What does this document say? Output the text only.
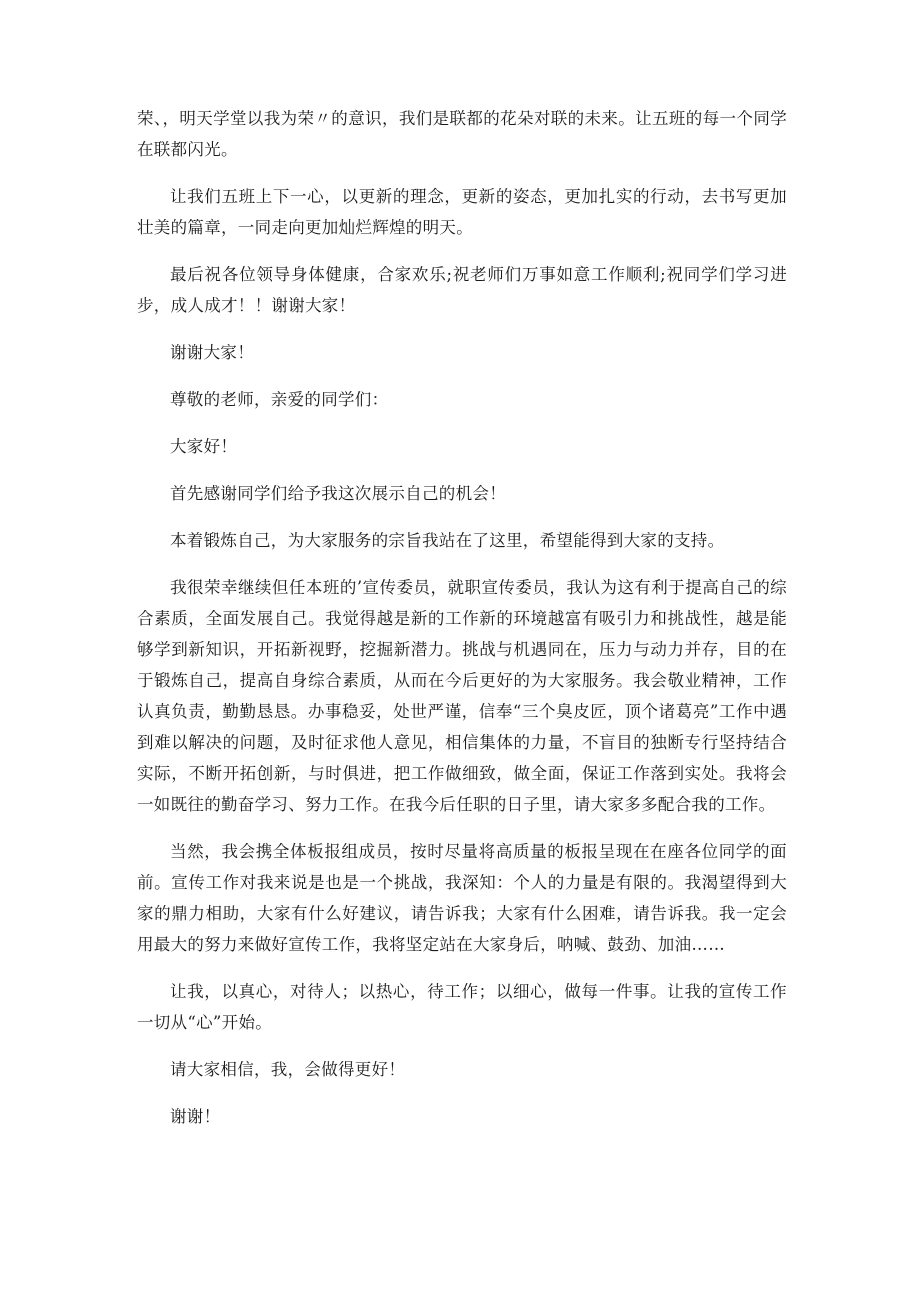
荣、，明天学堂以我为荣〃的意识，我们是联都的花朵对联的未来。让五班的每一个同学在联都闪光。

让我们五班上下一心，以更新的理念，更新的姿态，更加扎实的行动，去书写更加壮美的篇章，一同走向更加灿烂辉煌的明天。

最后祝各位领导身体健康，合家欢乐;祝老师们万事如意工作顺利;祝同学们学习进步，成人成才！！谢谢大家！

谢谢大家！

尊敬的老师，亲爱的同学们：

大家好！

首先感谢同学们给予我这次展示自己的机会！

本着锻炼自己，为大家服务的宗旨我站在了这里，希望能得到大家的支持。

我很荣幸继续但任本班的’宣传委员，就职宣传委员，我认为这有利于提高自己的综合素质，全面发展自己。我觉得越是新的工作新的环境越富有吸引力和挑战性，越是能够学到新知识，开拓新视野，挖掘新潜力。挑战与机遇同在，压力与动力并存，目的在于锻炼自己，提高自身综合素质，从而在今后更好的为大家服务。我会敬业精神，工作认真负责，勤勤恳恳。办事稳妥，处世严谨，信奉“三个臭皮匠，顶个诸葛亮”工作中遇到难以解决的问题，及时征求他人意见，相信集体的力量，不盲目的独断专行坚持结合实际，不断开拓创新，与时俱进，把工作做细致，做全面，保证工作落到实处。我将会一如既往的勤奋学习、努力工作。在我今后任职的日子里，请大家多多配合我的工作。

当然，我会携全体板报组成员，按时尽量将高质量的板报呈现在在座各位同学的面前。宣传工作对我来说是也是一个挑战，我深知：个人的力量是有限的。我渴望得到大家的鼎力相助，大家有什么好建议，请告诉我；大家有什么困难，请告诉我。我一定会用最大的努力来做好宣传工作，我将坚定站在大家身后，呐喊、鼓劲、加油……

让我，以真心，对待人；以热心，待工作；以细心，做每一件事。让我的宣传工作一切从“心”开始。

请大家相信，我，会做得更好！

谢谢！
